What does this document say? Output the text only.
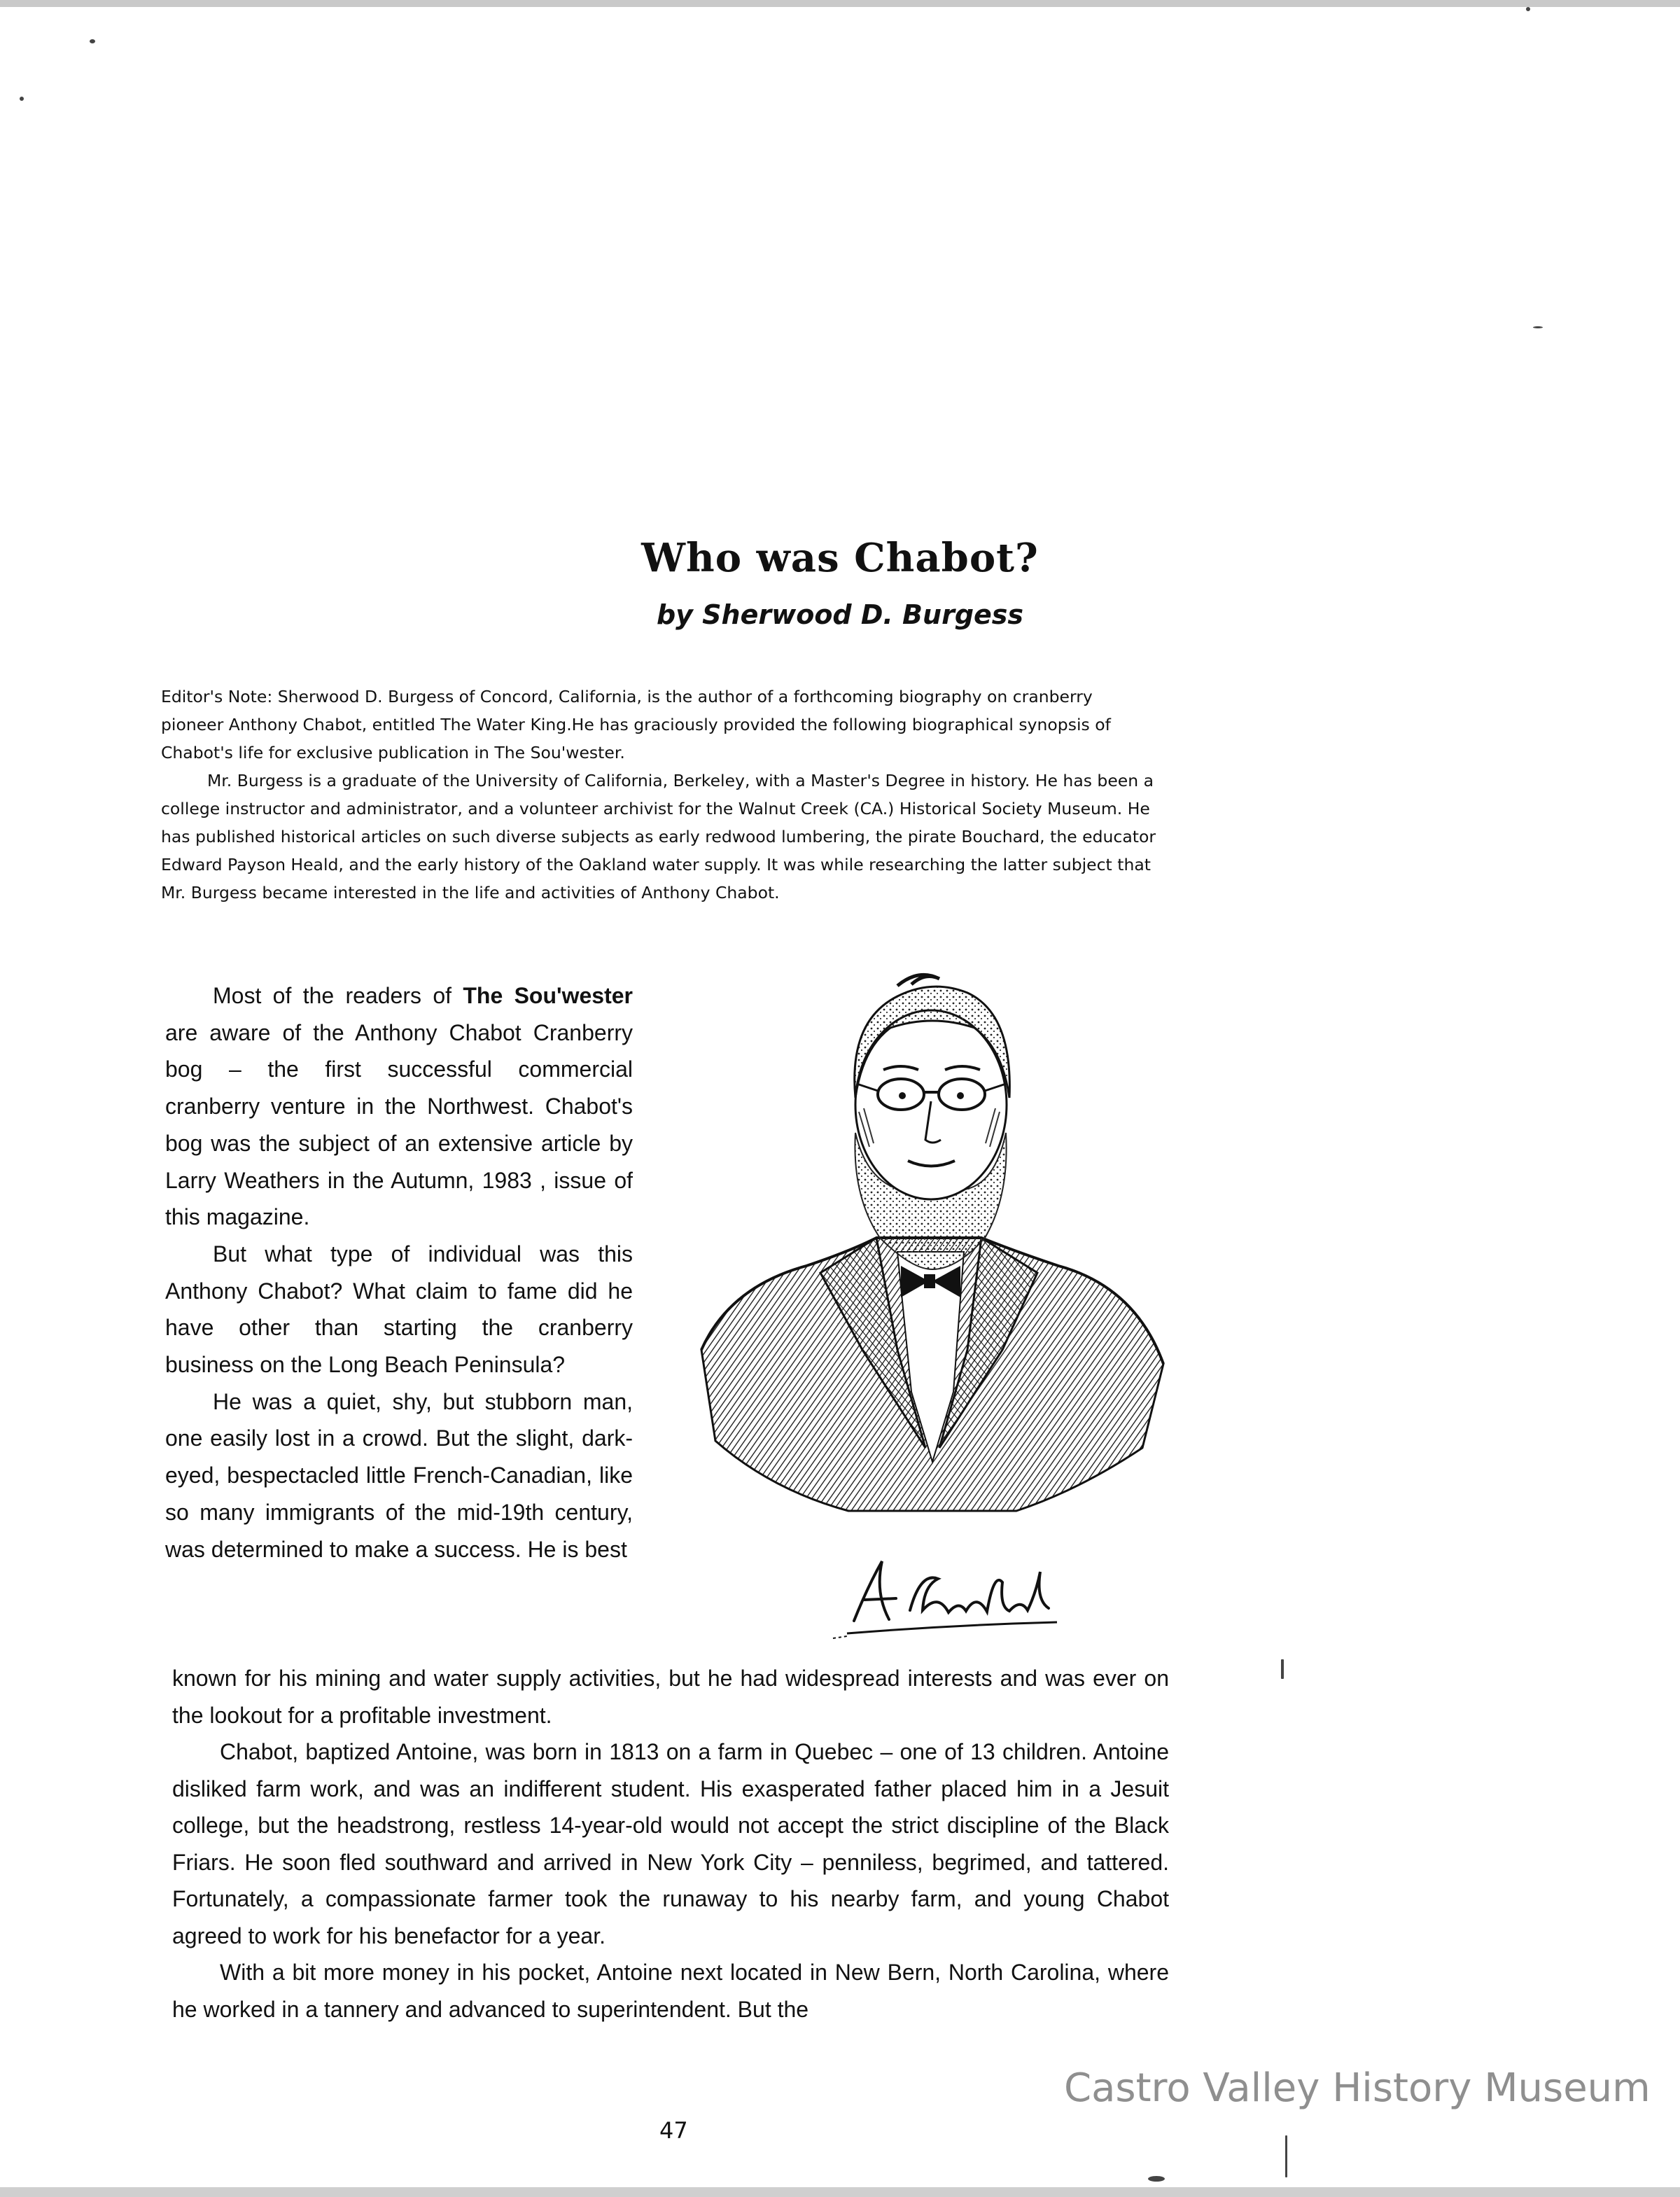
Who was Chabot?
by Sherwood D. Burgess

Editor's Note: Sherwood D. Burgess of Concord, California, is the author of a forthcoming biography on cranberry pioneer Anthony Chabot, entitled The Water King.He has graciously provided the following biographical synopsis of Chabot's life for exclusive publication in The Sou'wester.

Mr. Burgess is a graduate of the University of California, Berkeley, with a Master's Degree in history. He has been a college instructor and administrator, and a volunteer archivist for the Walnut Creek (CA.) Historical Society Museum. He has published historical articles on such diverse subjects as early redwood lumbering, the pirate Bouchard, the educator Edward Payson Heald, and the early history of the Oakland water supply. It was while researching the latter subject that Mr. Burgess became interested in the life and activities of Anthony Chabot.

Most of the readers of The Sou'wester are aware of the Anthony Chabot Cranberry bog – the first successful commercial cranberry venture in the Northwest. Chabot's bog was the subject of an extensive article by Larry Weathers in the Autumn, 1983 , issue of this magazine.

But what type of individual was this Anthony Chabot? What claim to fame did he have other than starting the cranberry business on the Long Beach Peninsula?

He was a quiet, shy, but stubborn man, one easily lost in a crowd. But the slight, dark-eyed, bespectacled little French-Canadian, like so many immigrants of the mid-19th century, was determined to make a success. He is best

known for his mining and water supply activities, but he had widespread interests and was ever on the lookout for a profitable investment.

Chabot, baptized Antoine, was born in 1813 on a farm in Quebec – one of 13 children. Antoine disliked farm work, and was an indifferent student. His exasperated father placed him in a Jesuit college, but the headstrong, restless 14-year-old would not accept the strict discipline of the Black Friars. He soon fled southward and arrived in New York City – penniless, begrimed, and tattered. Fortunately, a compassionate farmer took the runaway to his nearby farm, and young Chabot agreed to work for his benefactor for a year.

With a bit more money in his pocket, Antoine next located in New Bern, North Carolina, where he worked in a tannery and advanced to superintendent. But the

Castro Valley History Museum
47
